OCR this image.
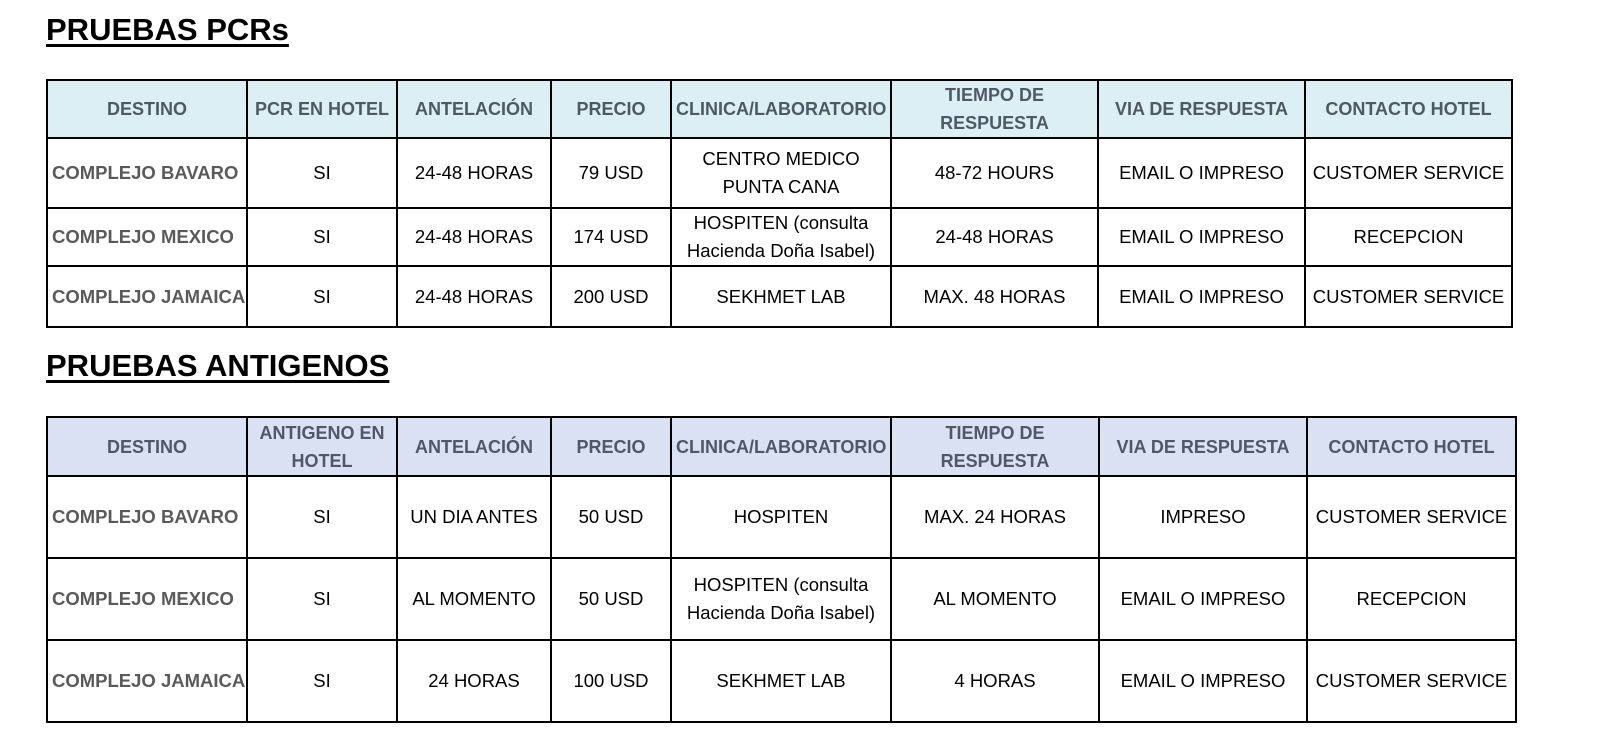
PRUEBAS PCRs
DESTINO	PCR EN HOTEL	ANTELACIÓN	PRECIO	CLINICA/LABORATORIO	TIEMPO DE RESPUESTA	VIA DE RESPUESTA	CONTACTO HOTEL
COMPLEJO BAVARO	SI	24-48 HORAS	79 USD	CENTRO MEDICO PUNTA CANA	48-72 HOURS	EMAIL O IMPRESO	CUSTOMER SERVICE
COMPLEJO MEXICO	SI	24-48 HORAS	174 USD	HOSPITEN (consulta Hacienda Doña Isabel)	24-48 HORAS	EMAIL O IMPRESO	RECEPCION
COMPLEJO JAMAICA	SI	24-48 HORAS	200 USD	SEKHMET LAB	MAX. 48 HORAS	EMAIL O IMPRESO	CUSTOMER SERVICE
PRUEBAS ANTIGENOS
DESTINO	ANTIGENO EN HOTEL	ANTELACIÓN	PRECIO	CLINICA/LABORATORIO	TIEMPO DE RESPUESTA	VIA DE RESPUESTA	CONTACTO HOTEL
COMPLEJO BAVARO	SI	UN DIA ANTES	50 USD	HOSPITEN	MAX. 24 HORAS	IMPRESO	CUSTOMER SERVICE
COMPLEJO MEXICO	SI	AL MOMENTO	50 USD	HOSPITEN (consulta Hacienda Doña Isabel)	AL MOMENTO	EMAIL O IMPRESO	RECEPCION
COMPLEJO JAMAICA	SI	24 HORAS	100 USD	SEKHMET LAB	4 HORAS	EMAIL O IMPRESO	CUSTOMER SERVICE
